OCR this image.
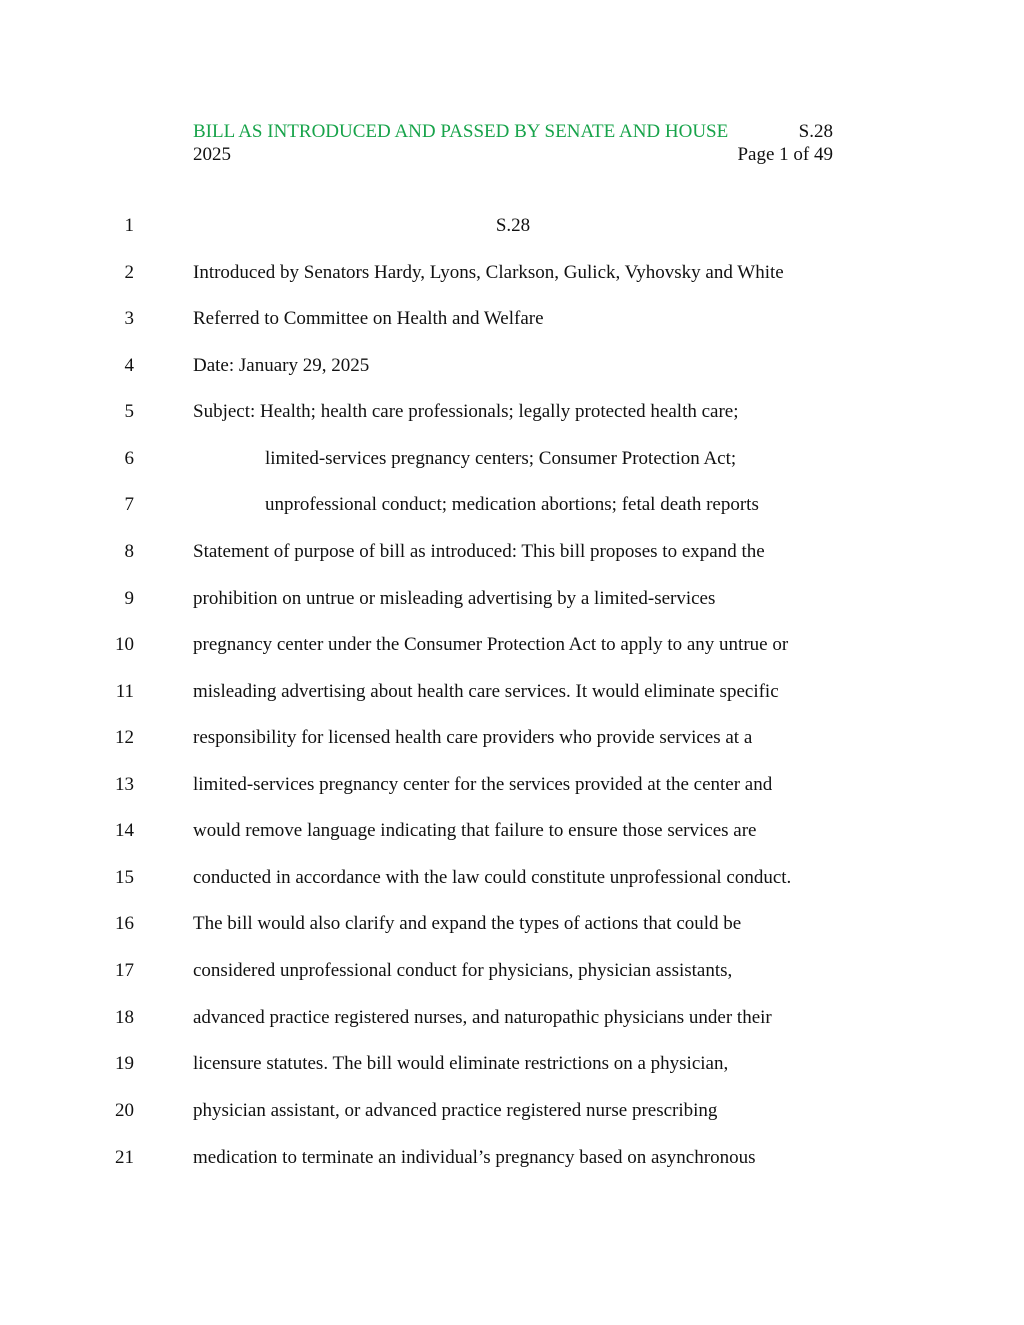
BILL AS INTRODUCED AND PASSED BY SENATE AND HOUSE	S.28
2025	Page 1 of 49
1	S.28
2	Introduced by Senators Hardy, Lyons, Clarkson, Gulick, Vyhovsky and White
3	Referred to Committee on Health and Welfare
4	Date: January 29, 2025
5	Subject: Health; health care professionals; legally protected health care;
6	limited-services pregnancy centers; Consumer Protection Act;
7	unprofessional conduct; medication abortions; fetal death reports
8	Statement of purpose of bill as introduced: This bill proposes to expand the
9	prohibition on untrue or misleading advertising by a limited-services
10	pregnancy center under the Consumer Protection Act to apply to any untrue or
11	misleading advertising about health care services. It would eliminate specific
12	responsibility for licensed health care providers who provide services at a
13	limited-services pregnancy center for the services provided at the center and
14	would remove language indicating that failure to ensure those services are
15	conducted in accordance with the law could constitute unprofessional conduct.
16	The bill would also clarify and expand the types of actions that could be
17	considered unprofessional conduct for physicians, physician assistants,
18	advanced practice registered nurses, and naturopathic physicians under their
19	licensure statutes. The bill would eliminate restrictions on a physician,
20	physician assistant, or advanced practice registered nurse prescribing
21	medication to terminate an individual’s pregnancy based on asynchronous
